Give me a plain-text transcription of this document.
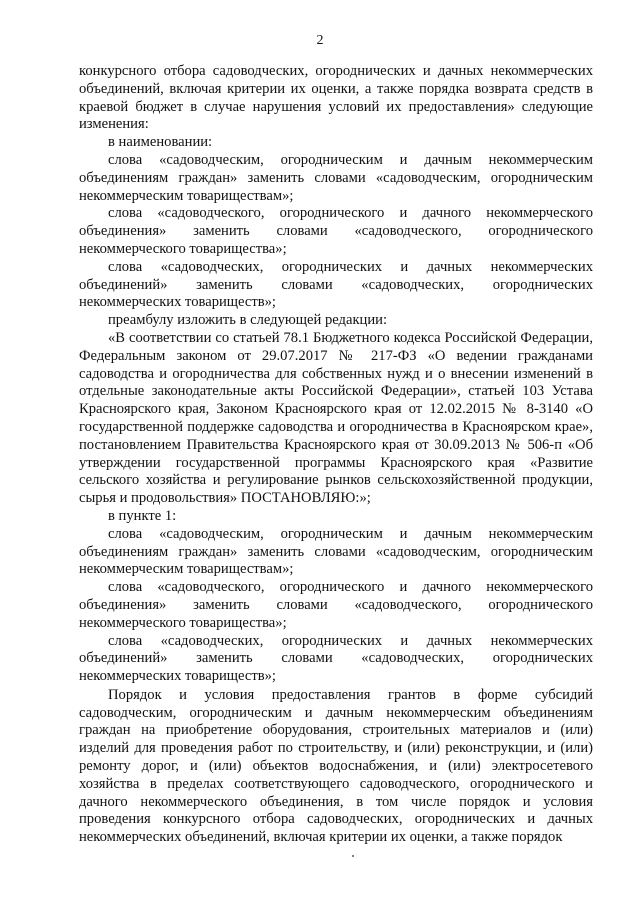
2

конкурсного отбора садоводческих, огороднических и дачных некоммерческих объединений, включая критерии их оценки, а также порядка возврата средств в краевой бюджет в случае нарушения условий их предоставления» следующие изменения:

в наименовании:

слова «садоводческим, огородническим и дачным некоммерческим объединениям граждан» заменить словами «садоводческим, огородническим некоммерческим товариществам»;

слова «садоводческого, огороднического и дачного некоммерческого объединения» заменить словами «садоводческого, огороднического некоммерческого товарищества»;

слова «садоводческих, огороднических и дачных некоммерческих объединений» заменить словами «садоводческих, огороднических некоммерческих товариществ»;

преамбулу изложить в следующей редакции:

«В соответствии со статьей 78.1 Бюджетного кодекса Российской Федерации, Федеральным законом от 29.07.2017 № 217-ФЗ «О ведении гражданами садоводства и огородничества для собственных нужд и о внесении изменений в отдельные законодательные акты Российской Федерации», статьей 103 Устава Красноярского края, Законом Красноярского края от 12.02.2015 № 8-3140 «О государственной поддержке садоводства и огородничества в Красноярском крае», постановлением Правительства Красноярского края от 30.09.2013 № 506-п «Об утверждении государственной программы Красноярского края «Развитие сельского хозяйства и регулирование рынков сельскохозяйственной продукции, сырья и продовольствия» ПОСТАНОВЛЯЮ:»;

в пункте 1:

слова «садоводческим, огородническим и дачным некоммерческим объединениям граждан» заменить словами «садоводческим, огородническим некоммерческим товариществам»;

слова «садоводческого, огороднического и дачного некоммерческого объединения» заменить словами «садоводческого, огороднического некоммерческого товарищества»;

слова «садоводческих, огороднических и дачных некоммерческих объединений» заменить словами «садоводческих, огороднических некоммерческих товариществ»;

Порядок и условия предоставления грантов в форме субсидий садоводческим, огородническим и дачным некоммерческим объединениям граждан на приобретение оборудования, строительных материалов и (или) изделий для проведения работ по строительству, и (или) реконструкции, и (или) ремонту дорог, и (или) объектов водоснабжения, и (или) электросетевого хозяйства в пределах соответствующего садоводческого, огороднического и дачного некоммерческого объединения, в том числе порядок и условия проведения конкурсного отбора садоводческих, огороднических и дачных некоммерческих объединений, включая критерии их оценки, а также порядок
